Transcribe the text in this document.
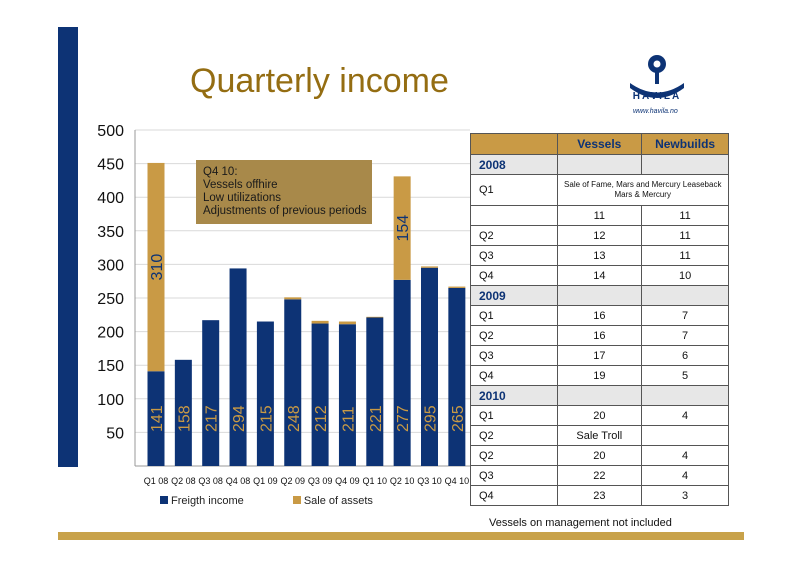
Quarterly income	HAVILA
www.havila.no
50
100
150
200
250
300
350
400
450
500
141
310
Q1 08
158
Q2 08
217
Q3 08
294
Q4 08
215
Q1 09
248
Q2 09
212
Q3 09
211
Q4 09
221
Q1 10
277
154
Q2 10
295
Q3 10
265
Q4 10
Q4 10:
Vessels offhire
Low utilizations
Adjustments of previous periods
Freigth income	Sale of assets
	Vessels	Newbuilds
2008		
Q1	Sale of Fame, Mars and Mercury Leaseback Mars & Mercury	
	11	11
Q2	12	11
Q3	13	11
Q4	14	10
2009		
Q1	16	7
Q2	16	7
Q3	17	6
Q4	19	5
2010		
Q1	20	4
Q2	Sale Troll	
Q2	20	4
Q3	22	4
Q4	23	3
Vessels on management not included
